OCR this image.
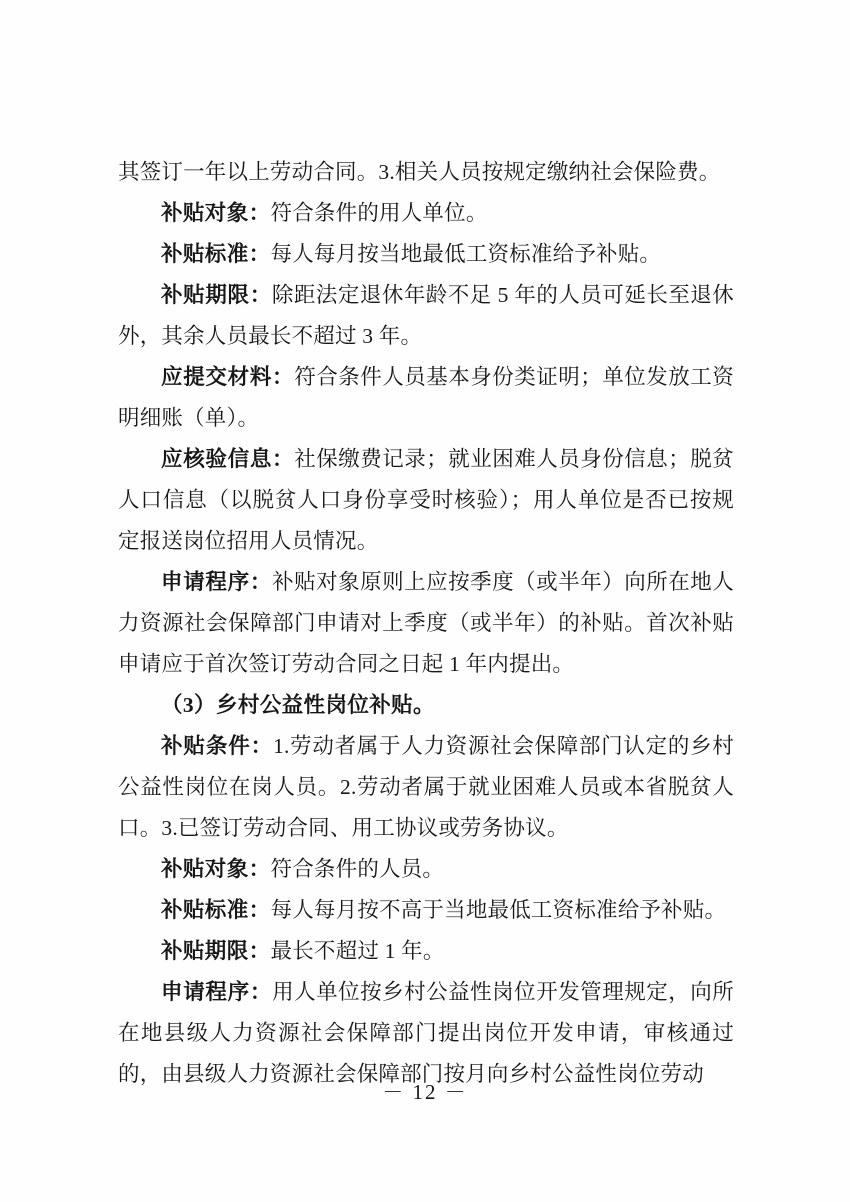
其签订一年以上劳动合同。3.相关人员按规定缴纳社会保险费。

补贴对象：符合条件的用人单位。

补贴标准：每人每月按当地最低工资标准给予补贴。

补贴期限：除距法定退休年龄不足 5 年的人员可延长至退休外，其余人员最长不超过 3 年。

应提交材料：符合条件人员基本身份类证明；单位发放工资明细账（单）。

应核验信息：社保缴费记录；就业困难人员身份信息；脱贫人口信息（以脱贫人口身份享受时核验）；用人单位是否已按规定报送岗位招用人员情况。

申请程序：补贴对象原则上应按季度（或半年）向所在地人力资源社会保障部门申请对上季度（或半年）的补贴。首次补贴申请应于首次签订劳动合同之日起 1 年内提出。

（3）乡村公益性岗位补贴。

补贴条件：1.劳动者属于人力资源社会保障部门认定的乡村公益性岗位在岗人员。2.劳动者属于就业困难人员或本省脱贫人口。3.已签订劳动合同、用工协议或劳务协议。

补贴对象：符合条件的人员。

补贴标准：每人每月按不高于当地最低工资标准给予补贴。

补贴期限：最长不超过 1 年。

申请程序：用人单位按乡村公益性岗位开发管理规定，向所在地县级人力资源社会保障部门提出岗位开发申请，审核通过的，由县级人力资源社会保障部门按月向乡村公益性岗位劳动

－ 12 －
